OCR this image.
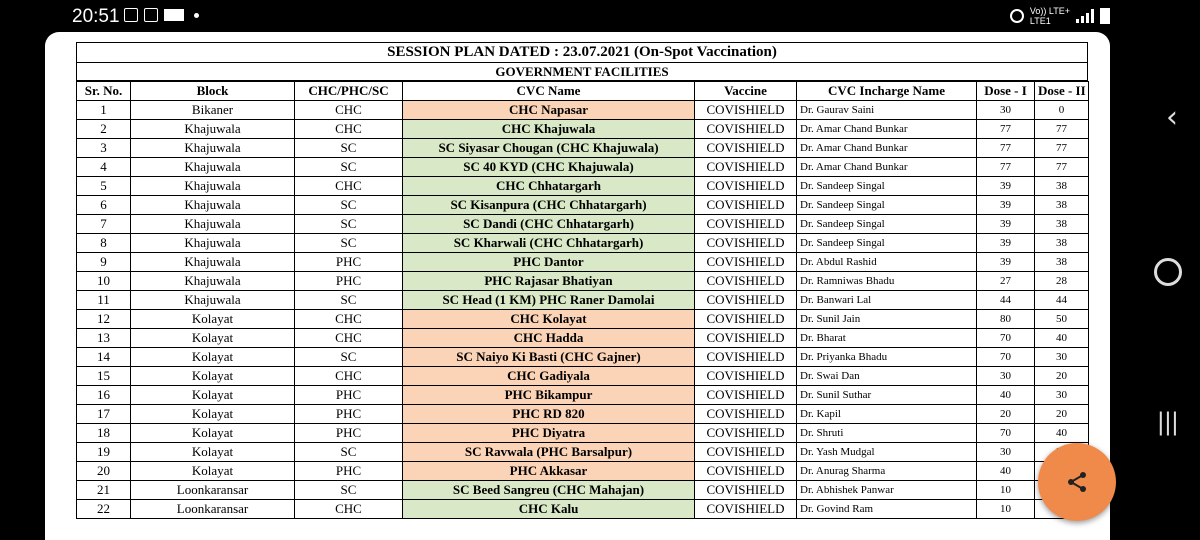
20:51	Vo)) LTE+
LTE1
SESSION PLAN DATED : 23.07.2021 (On-Spot Vaccination)
GOVERNMENT FACILITIES
Sr. No.	Block	CHC/PHC/SC	CVC Name	Vaccine	CVC Incharge Name	Dose - I	Dose - II
1	Bikaner	CHC	CHC Napasar	COVISHIELD	Dr. Gaurav Saini	30	0
2	Khajuwala	CHC	CHC Khajuwala	COVISHIELD	Dr. Amar Chand Bunkar	77	77
3	Khajuwala	SC	SC Siyasar Chougan (CHC Khajuwala)	COVISHIELD	Dr. Amar Chand Bunkar	77	77
4	Khajuwala	SC	SC 40 KYD (CHC Khajuwala)	COVISHIELD	Dr. Amar Chand Bunkar	77	77
5	Khajuwala	CHC	CHC Chhatargarh	COVISHIELD	Dr. Sandeep Singal	39	38
6	Khajuwala	SC	SC Kisanpura (CHC Chhatargarh)	COVISHIELD	Dr. Sandeep Singal	39	38
7	Khajuwala	SC	SC Dandi (CHC Chhatargarh)	COVISHIELD	Dr. Sandeep Singal	39	38
8	Khajuwala	SC	SC Kharwali (CHC Chhatargarh)	COVISHIELD	Dr. Sandeep Singal	39	38
9	Khajuwala	PHC	PHC Dantor	COVISHIELD	Dr. Abdul Rashid	39	38
10	Khajuwala	PHC	PHC Rajasar Bhatiyan	COVISHIELD	Dr. Ramniwas Bhadu	27	28
11	Khajuwala	SC	SC Head (1 KM) PHC Raner Damolai	COVISHIELD	Dr. Banwari Lal	44	44
12	Kolayat	CHC	CHC Kolayat	COVISHIELD	Dr. Sunil Jain	80	50
13	Kolayat	CHC	CHC Hadda	COVISHIELD	Dr. Bharat	70	40
14	Kolayat	SC	SC Naiyo Ki Basti (CHC Gajner)	COVISHIELD	Dr. Priyanka Bhadu	70	30
15	Kolayat	CHC	CHC Gadiyala	COVISHIELD	Dr. Swai Dan	30	20
16	Kolayat	PHC	PHC Bikampur	COVISHIELD	Dr. Sunil Suthar	40	30
17	Kolayat	PHC	PHC RD 820	COVISHIELD	Dr. Kapil	20	20
18	Kolayat	PHC	PHC Diyatra	COVISHIELD	Dr. Shruti	70	40
19	Kolayat	SC	SC Ravwala (PHC Barsalpur)	COVISHIELD	Dr. Yash Mudgal	30	
20	Kolayat	PHC	PHC Akkasar	COVISHIELD	Dr. Anurag Sharma	40	
21	Loonkaransar	SC	SC Beed Sangreu (CHC Mahajan)	COVISHIELD	Dr. Abhishek Panwar	10	
22	Loonkaransar	CHC	CHC Kalu	COVISHIELD	Dr. Govind Ram	10	
‹
|||
